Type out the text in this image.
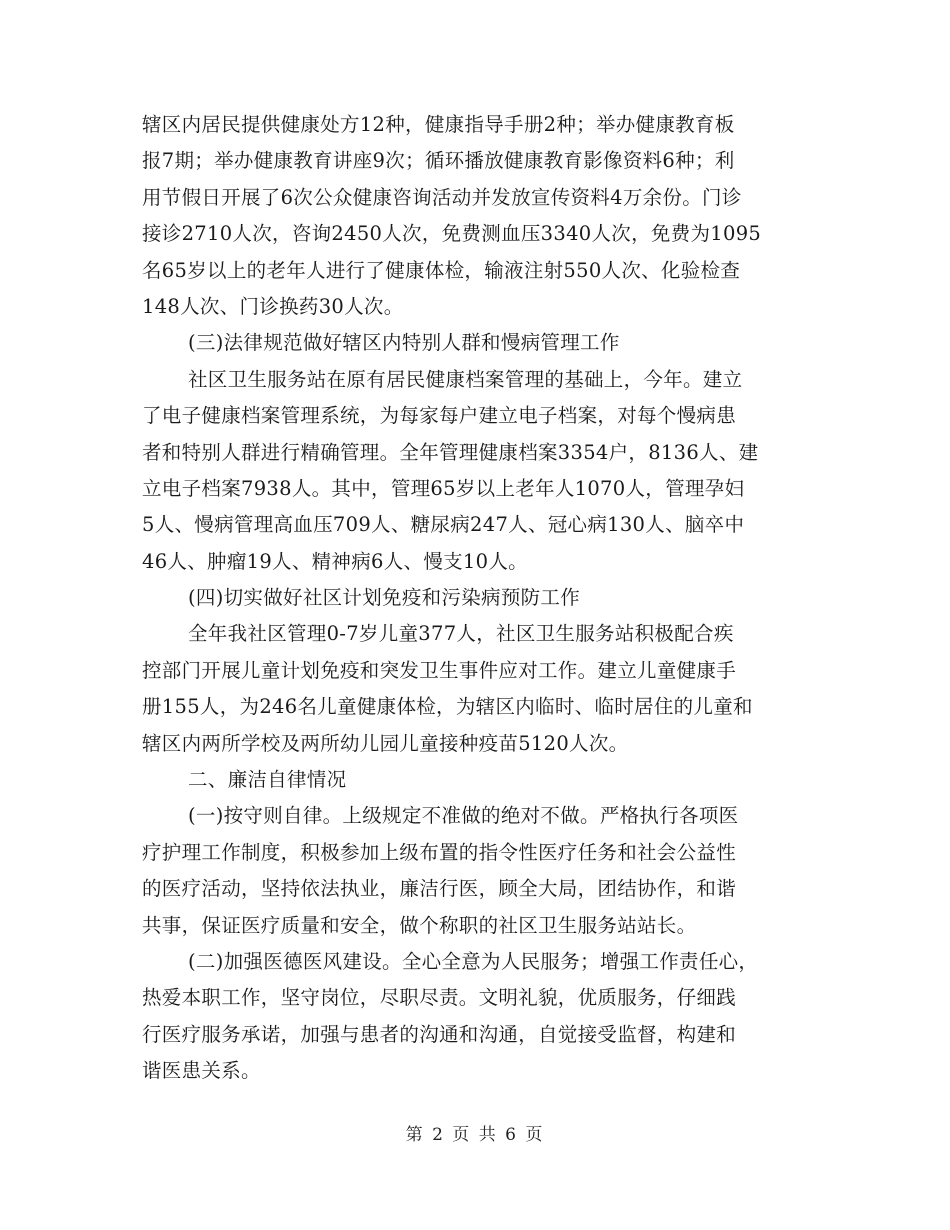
辖区内居民提供健康处方12种，健康指导手册2种；举办健康教育板
报7期；举办健康教育讲座9次；循环播放健康教育影像资料6种；利
用节假日开展了6次公众健康咨询活动并发放宣传资料4万余份。门诊
接诊2710人次，咨询2450人次，免费测血压3340人次，免费为1095
名65岁以上的老年人进行了健康体检，输液注射550人次、化验检查
148人次、门诊换药30人次。
(三)法律规范做好辖区内特别人群和慢病管理工作
社区卫生服务站在原有居民健康档案管理的基础上，今年。建立
了电子健康档案管理系统，为每家每户建立电子档案，对每个慢病患
者和特别人群进行精确管理。全年管理健康档案3354户，8136人、建
立电子档案7938人。其中，管理65岁以上老年人1070人，管理孕妇
5人、慢病管理高血压709人、糖尿病247人、冠心病130人、脑卒中
46人、肿瘤19人、精神病6人、慢支10人。
(四)切实做好社区计划免疫和污染病预防工作
全年我社区管理0-7岁儿童377人，社区卫生服务站积极配合疾
控部门开展儿童计划免疫和突发卫生事件应对工作。建立儿童健康手
册155人，为246名儿童健康体检，为辖区内临时、临时居住的儿童和
辖区内两所学校及两所幼儿园儿童接种疫苗5120人次。
二、廉洁自律情况
(一)按守则自律。上级规定不准做的绝对不做。严格执行各项医
疗护理工作制度，积极参加上级布置的指令性医疗任务和社会公益性
的医疗活动，坚持依法执业，廉洁行医，顾全大局，团结协作，和谐
共事，保证医疗质量和安全，做个称职的社区卫生服务站站长。
(二)加强医德医风建设。全心全意为人民服务；增强工作责任心，
热爱本职工作，坚守岗位，尽职尽责。文明礼貌，优质服务，仔细践
行医疗服务承诺，加强与患者的沟通和沟通，自觉接受监督，构建和
谐医患关系。
第 2 页 共 6 页
